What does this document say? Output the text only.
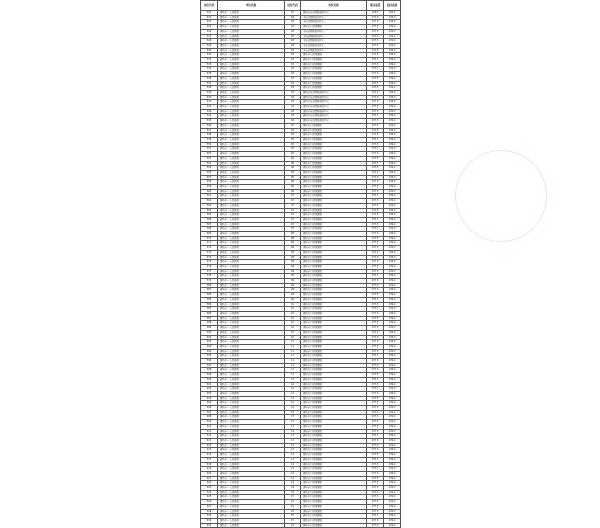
岗位代码	单位名称	岗位代码	单位名称	笔试成绩	面试成绩
322	潍坊市一人民医院	01	潍坊市疾病预防控制中心	128.3	136.5
323	潍坊市一人民医院	02	市疾病预防控制中心	137.5	139.0
324	潍坊市一人民医院	02	市疾病预防控制中心	137.5	139.0
325	潍坊市一人民医院	02	潍坊市妇幼保健院	137.5	139.0
326	潍坊市一人民医院	02	市疾病预防控制中心	137.5	139.0
327	潍坊市一人民医院	02	市疾病预防控制中心	137.5	139.0
328	潍坊市一人民医院	03	市疾病预防控制中心	137.5	139.0
329	潍坊市一人民医院	03	市疾病预防控制中心	137.5	139.0
330	潍坊市一人民医院	03	市疾病预防控制中心	137.5	139.0
331	潍坊市一人民医院	03	潍坊市妇幼保健院	137.5	139.0
332	潍坊市一人民医院	03	潍坊市妇幼保健院	137.5	139.0
333	潍坊市一人民医院	03	潍坊市妇幼保健院	137.5	139.0
334	潍坊市一人民医院	03	潍坊市妇幼保健院	137.5	139.0
335	潍坊市一人民医院	03	潍坊市妇幼保健院	137.5	139.0
336	潍坊市一人民医院	03	潍坊市妇幼保健院	137.5	139.0
337	潍坊市一人民医院	03	潍坊市妇幼保健院	137.5	139.0
338	潍坊市一人民医院	03	潍坊市妇幼保健院	137.5	139.0
339	潍坊市一人民医院	04	潍坊市疾病预防控制中心	137.5	139.0
340	潍坊市一人民医院	04	潍坊市疾病预防控制中心	137.5	139.0
341	潍坊市一人民医院	04	潍坊市疾病预防控制中心	137.5	139.0
342	潍坊市一人民医院	04	潍坊市疾病预防控制中心	137.5	139.0
343	潍坊市一人民医院	04	潍坊市疾病预防控制中心	137.5	139.0
344	潍坊市一人民医院	04	潍坊市疾病预防控制中心	137.5	139.0
345	潍坊市一人民医院	04	潍坊市疾病预防控制中心	137.5	139.0
346	潍坊市一人民医院	05	潍坊市妇幼保健院	137.5	139.0
347	潍坊市一人民医院	05	潍坊市妇幼保健院	137.5	139.0
348	潍坊市一人民医院	05	潍坊市妇幼保健院	137.5	139.0
349	潍坊市一人民医院	05	潍坊市妇幼保健院	137.5	139.0
350	潍坊市一人民医院	05	潍坊市妇幼保健院	137.5	139.0
351	潍坊市一人民医院	05	潍坊市妇幼保健院	137.5	139.0
352	潍坊市一人民医院	05	潍坊市妇幼保健院	137.5	139.0
353	潍坊市一人民医院	06	潍坊市妇幼保健院	137.5	139.0
354	潍坊市一人民医院	06	潍坊市妇幼保健院	137.5	139.0
355	潍坊市一人民医院	06	潍坊市妇幼保健院	137.5	139.0
356	潍坊市一人民医院	06	潍坊市妇幼保健院	137.5	139.0
357	潍坊市一人民医院	06	潍坊市妇幼保健院	137.5	139.0
358	潍坊市一人民医院	06	潍坊市妇幼保健院	137.5	139.0
359	潍坊市一人民医院	06	潍坊市妇幼保健院	137.5	139.0
360	潍坊市一人民医院	06	潍坊市妇幼保健院	137.5	139.0
361	潍坊市一人民医院	07	潍坊市妇幼保健院	137.5	139.0
362	潍坊市一人民医院	07	潍坊市妇幼保健院	137.5	139.0
363	潍坊市一人民医院	07	潍坊市妇幼保健院	137.5	139.0
364	潍坊市一人民医院	07	潍坊市妇幼保健院	137.5	139.0
365	潍坊市一人民医院	07	潍坊市妇幼保健院	137.5	139.0
366	潍坊市一人民医院	07	潍坊市妇幼保健院	137.5	139.0
367	潍坊市一人民医院	07	潍坊市妇幼保健院	137.5	139.0
368	潍坊市一人民医院	07	潍坊市妇幼保健院	137.5	139.0
369	潍坊市一人民医院	08	潍坊市妇幼保健院	137.5	139.0
370	潍坊市一人民医院	08	潍坊市妇幼保健院	137.5	139.0
371	潍坊市一人民医院	08	潍坊市妇幼保健院	137.5	139.0
372	潍坊市一人民医院	08	潍坊市妇幼保健院	137.5	139.0
373	潍坊市一人民医院	08	潍坊市妇幼保健院	137.5	139.0
374	潍坊市一人民医院	08	潍坊市妇幼保健院	137.5	139.0
375	潍坊市一人民医院	08	潍坊市妇幼保健院	137.5	139.0
376	潍坊市一人民医院	09	潍坊市妇幼保健院	137.5	139.0
377	潍坊市一人民医院	09	潍坊市妇幼保健院	137.5	139.0
378	潍坊市一人民医院	09	潍坊市妇幼保健院	137.5	139.0
379	潍坊市一人民医院	09	潍坊市妇幼保健院	137.5	139.0
380	潍坊市一人民医院	09	潍坊市妇幼保健院	137.5	139.0
381	潍坊市一人民医院	09	潍坊市妇幼保健院	137.5	139.0
382	潍坊市一人民医院	09	潍坊市妇幼保健院	137.5	139.0
383	潍坊市一人民医院	09	潍坊市妇幼保健院	137.5	139.0
384	潍坊市一人民医院	10	潍坊市妇幼保健院	137.5	139.0
385	潍坊市一人民医院	10	潍坊市妇幼保健院	137.5	139.0
386	潍坊市一人民医院	10	潍坊市妇幼保健院	137.5	139.0
387	潍坊市一人民医院	10	潍坊市妇幼保健院	137.5	139.0
388	潍坊市一人民医院	10	潍坊市妇幼保健院	137.5	139.0
389	潍坊市一人民医院	10	潍坊市妇幼保健院	137.5	139.0
390	潍坊市一人民医院	10	潍坊市妇幼保健院	137.5	139.0
391	潍坊市一人民医院	10	潍坊市妇幼保健院	137.5	139.0
392	潍坊市一人民医院	11	潍坊市妇幼保健院	137.5	139.0
393	潍坊市一人民医院	11	潍坊市妇幼保健院	137.5	139.0
394	潍坊市一人民医院	11	潍坊市妇幼保健院	137.5	139.0
395	潍坊市一人民医院	11	潍坊市妇幼保健院	137.5	139.0
396	潍坊市一人民医院	11	潍坊市妇幼保健院	137.5	139.0
397	潍坊市一人民医院	11	潍坊市妇幼保健院	137.5	139.0
398	潍坊市一人民医院	11	潍坊市妇幼保健院	137.5	139.0
399	潍坊市一人民医院	11	潍坊市妇幼保健院	137.5	139.0
400	潍坊市一人民医院	12	潍坊市妇幼保健院	137.5	139.0
401	潍坊市一人民医院	12	潍坊市妇幼保健院	137.5	139.0
402	潍坊市一人民医院	12	潍坊市妇幼保健院	137.5	139.0
403	潍坊市一人民医院	12	潍坊市妇幼保健院	137.5	139.0
404	潍坊市一人民医院	12	潍坊市妇幼保健院	137.5	139.0
405	潍坊市一人民医院	12	潍坊市妇幼保健院	137.5	139.0
406	潍坊市一人民医院	12	潍坊市妇幼保健院	137.5	139.0
407	潍坊市一人民医院	12	潍坊市妇幼保健院	137.5	139.0
408	潍坊市一人民医院	13	潍坊市妇幼保健院	137.5	139.0
409	潍坊市一人民医院	13	潍坊市妇幼保健院	137.5	139.0
410	潍坊市一人民医院	13	潍坊市妇幼保健院	137.5	139.0
411	潍坊市一人民医院	13	潍坊市妇幼保健院	137.5	139.0
412	潍坊市一人民医院	13	潍坊市妇幼保健院	137.5	139.0
413	潍坊市一人民医院	13	潍坊市妇幼保健院	137.5	139.0
414	潍坊市一人民医院	13	潍坊市妇幼保健院	137.5	139.0
415	潍坊市一人民医院	13	潍坊市妇幼保健院	137.5	139.0
416	潍坊市一人民医院	14	潍坊市妇幼保健院	137.5	139.0
417	潍坊市一人民医院	14	潍坊市妇幼保健院	137.5	139.0
418	潍坊市一人民医院	14	潍坊市妇幼保健院	137.5	139.0
419	潍坊市一人民医院	14	潍坊市妇幼保健院	137.5	139.0
420	潍坊市一人民医院	14	潍坊市妇幼保健院	137.5	139.0
421	潍坊市一人民医院	14	潍坊市妇幼保健院	137.5	139.0
422	潍坊市一人民医院	14	潍坊市妇幼保健院	137.5	139.0
423	潍坊市一人民医院	14	潍坊市妇幼保健院	137.5	139.0
424	潍坊市一人民医院	15	潍坊市妇幼保健院	137.5	139.0
425	潍坊市一人民医院	15	潍坊市妇幼保健院	137.5	139.0
426	潍坊市一人民医院	15	潍坊市妇幼保健院	137.5	139.0
427	潍坊市一人民医院	15	潍坊市妇幼保健院	137.5	139.0
428	潍坊市一人民医院	15	潍坊市妇幼保健院	137.5	139.0
429	潍坊市一人民医院	15	潍坊市妇幼保健院	137.5	139.0
430	潍坊市一人民医院	15	潍坊市妇幼保健院	137.5	139.0
431	潍坊市一人民医院	15	潍坊市妇幼保健院	137.5	139.0
